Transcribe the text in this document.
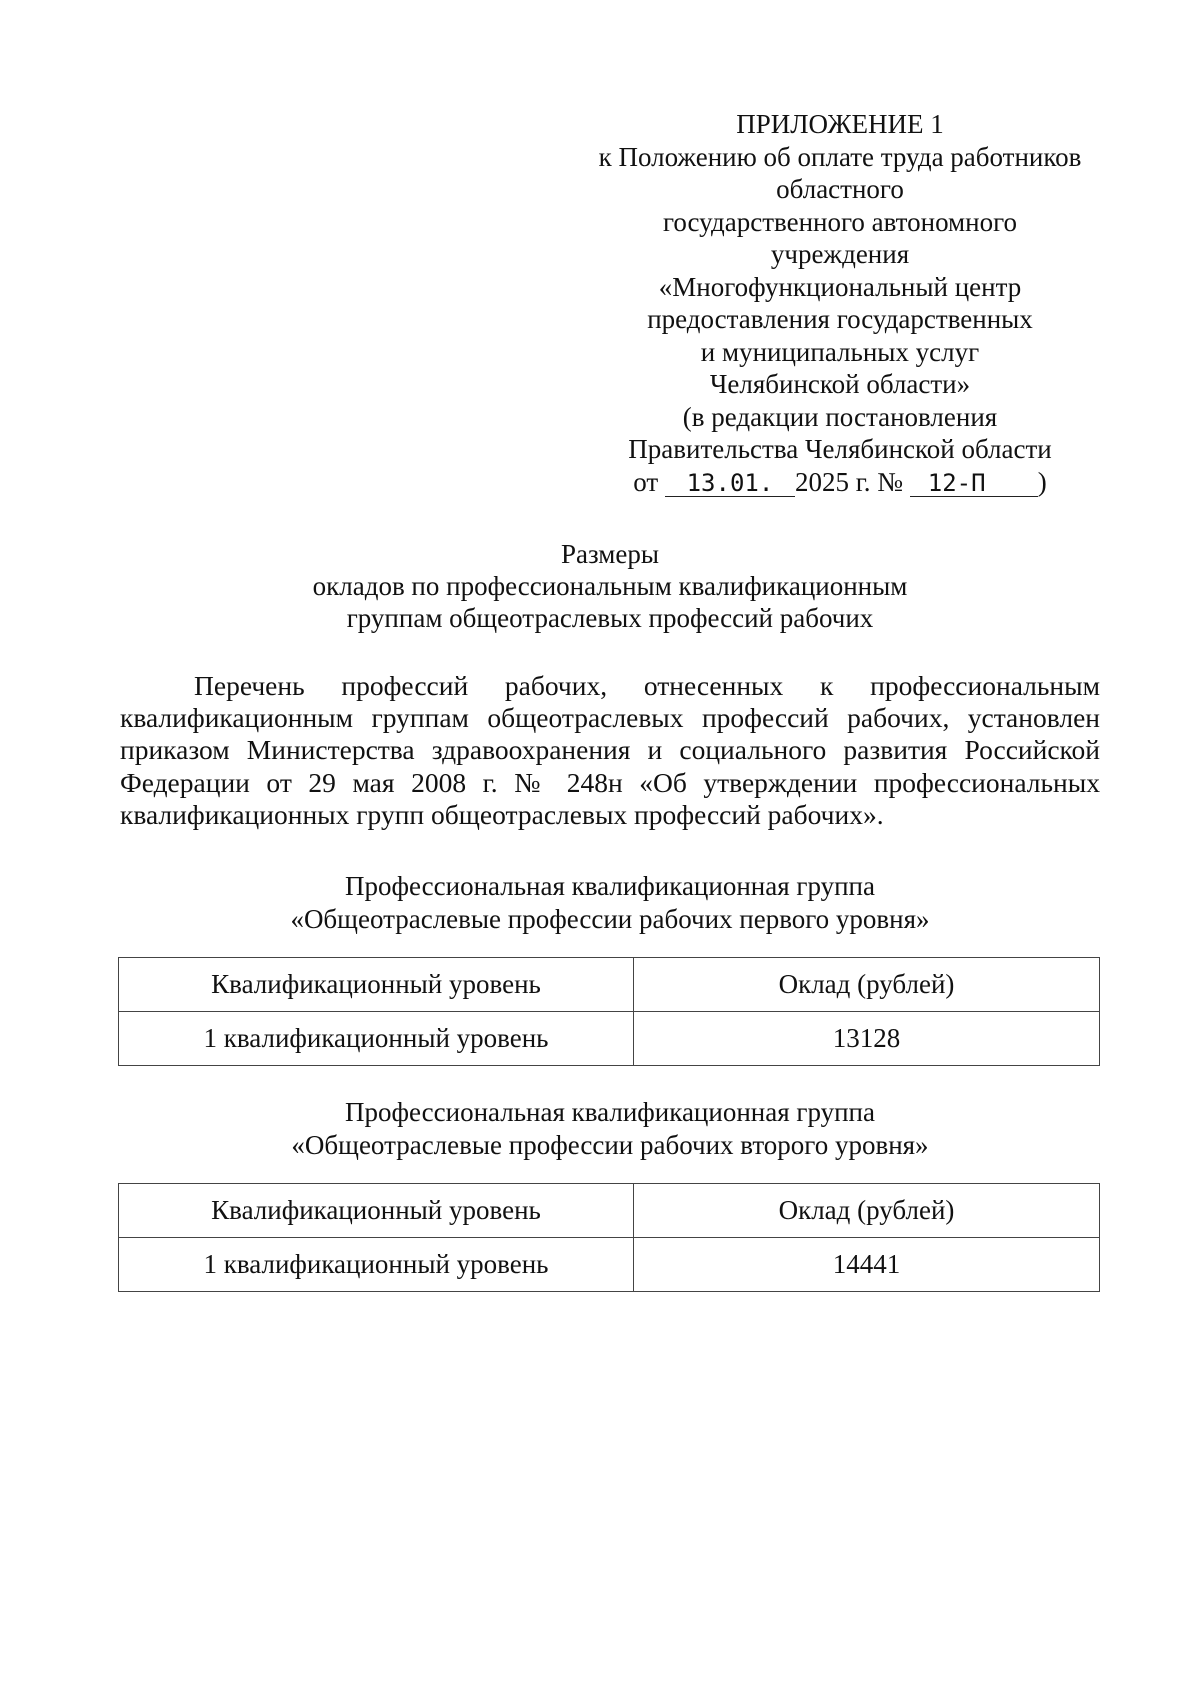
ПРИЛОЖЕНИЕ 1
к Положению об оплате труда работников
областного
государственного автономного
учреждения
«Многофункциональный центр
предоставления государственных
и муниципальных услуг
Челябинской области»
(в редакции постановления
Правительства Челябинской области
от 13.01. 2025 г. № 12-П )
Размеры
окладов по профессиональным квалификационным
группам общеотраслевых профессий рабочих
Перечень профессий рабочих, отнесенных к профессиональным квалификационным группам общеотраслевых профессий рабочих, установлен приказом Министерства здравоохранения и социального развития Российской Федерации от 29 мая 2008 г. № 248н «Об утверждении профессиональных квалификационных групп общеотраслевых профессий рабочих».
Профессиональная квалификационная группа
«Общеотраслевые профессии рабочих первого уровня»
Квалификационный уровень	Оклад (рублей)
1 квалификационный уровень	13128
Профессиональная квалификационная группа
«Общеотраслевые профессии рабочих второго уровня»
Квалификационный уровень	Оклад (рублей)
1 квалификационный уровень	14441
